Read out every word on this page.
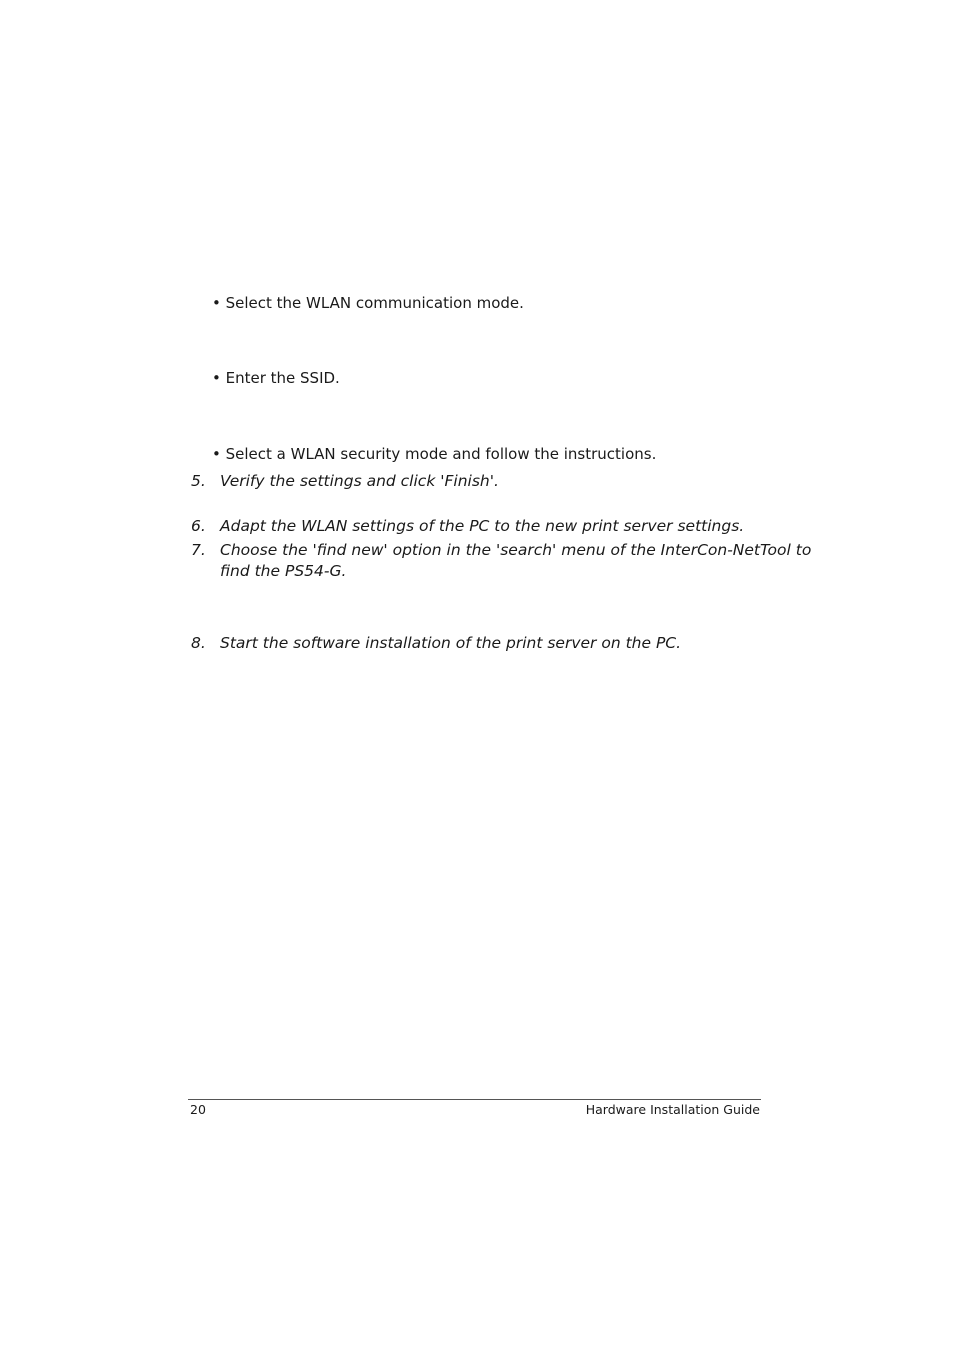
• Select the WLAN communication mode.
• Enter the SSID.
• Select a WLAN security mode and follow the instructions.
5. Verify the settings and click 'Finish'.
6. Adapt the WLAN settings of the PC to the new print server settings.
7. Choose the 'find new' option in the 'search' menu of the InterCon-NetTool to
find the PS54-G.
8. Start the software installation of the print server on the PC.
20	Hardware Installation Guide
